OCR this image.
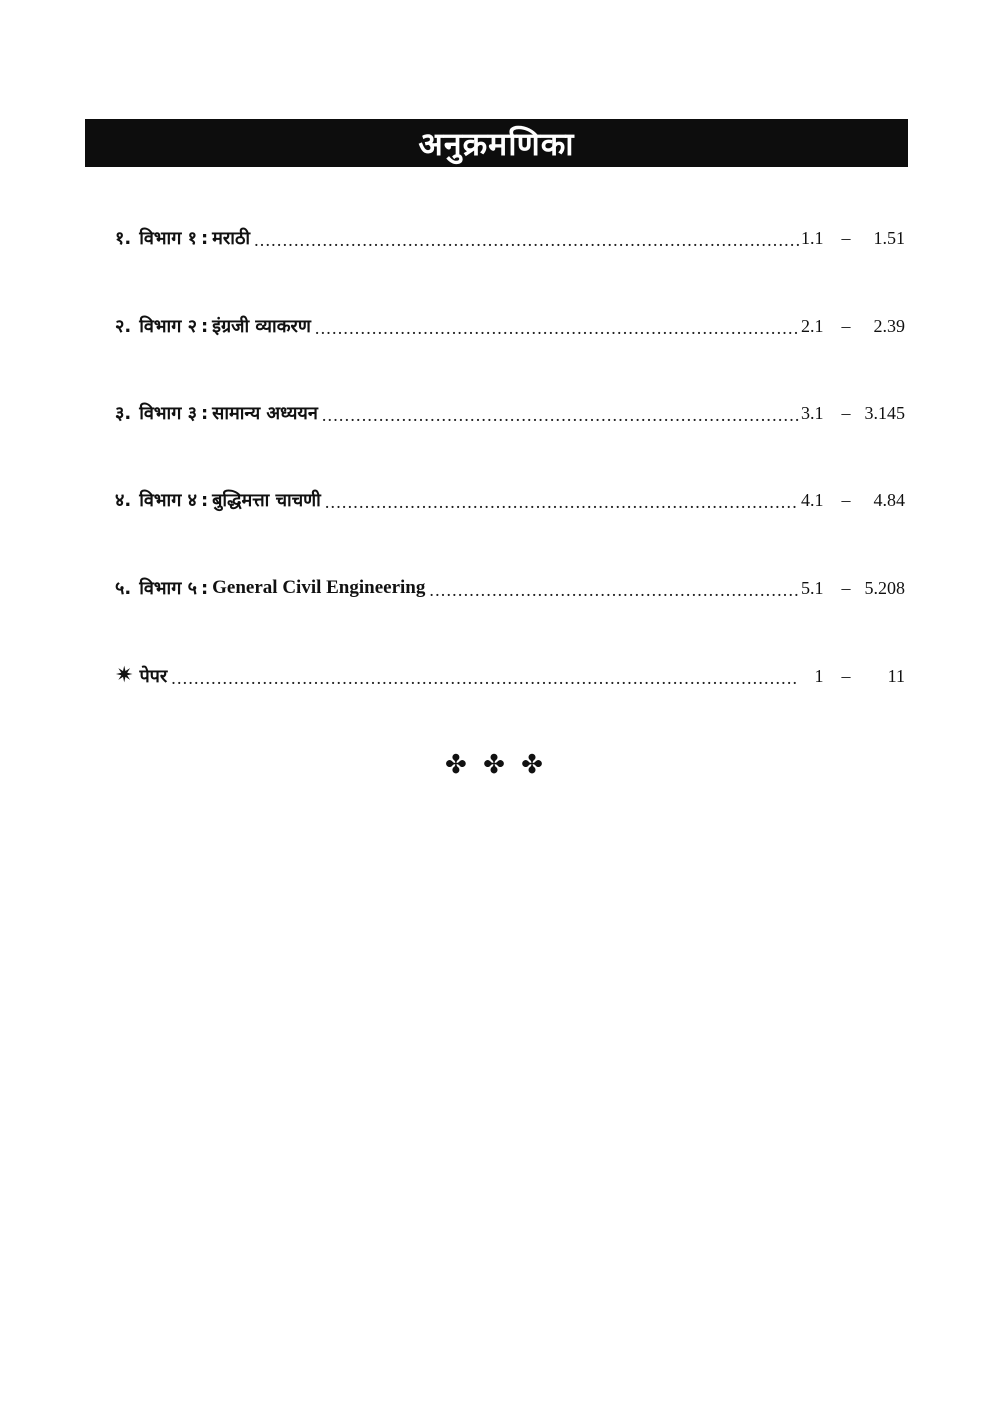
अनुक्रमणिका
१. विभाग १ : मराठी .....	1.1	–	1.51
२. विभाग २ : इंग्रजी व्याकरण .....	2.1	–	2.39
३. विभाग ३ : सामान्य अध्ययन .....	3.1	– 3.145
४. विभाग ४ : बुद्धिमत्ता चाचणी .....	4.1	–	4.84
५. विभाग ५ : General Civil Engineering .....	5.1	– 5.208
✷ पेपर .....	1	–	11
✤ ✤ ✤
